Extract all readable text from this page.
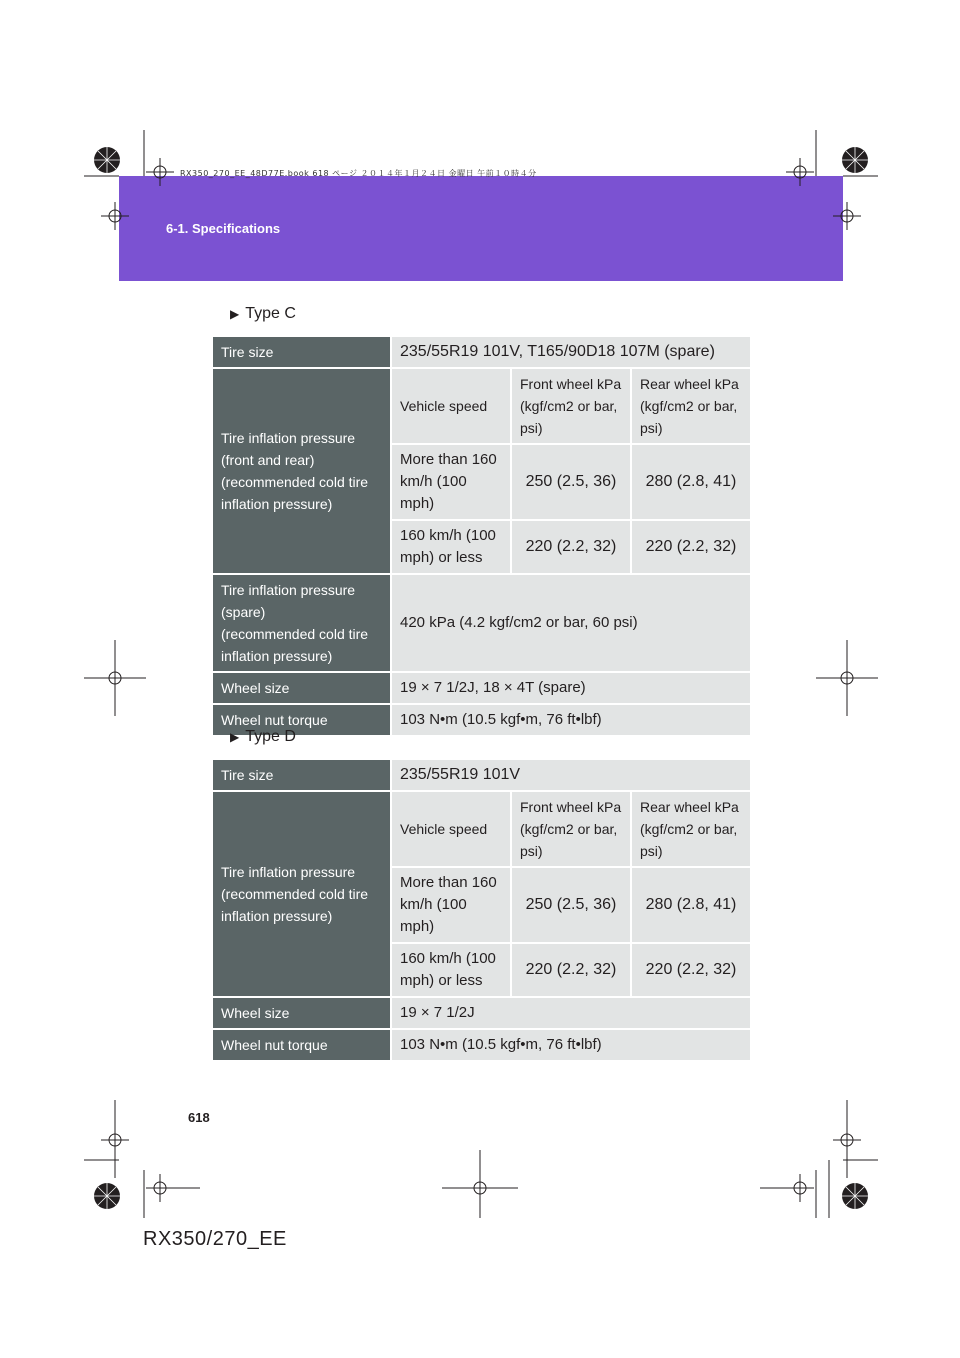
6-1. Specifications
RX350_270_EE_48D77E.book 618 ページ ２０１４年１月２４日 金曜日 午前１０時４分
▶ Type C
Tire size	235/55R19 101V, T165/90D18 107M (spare)		
Tire inflation pressure
(front and rear)
(recommended cold tire inflation pressure)	Vehicle speed	Front wheel kPa (kgf/cm2 or bar, psi)	Rear wheel kPa (kgf/cm2 or bar, psi)
	More than 160 km/h (100 mph)	250 (2.5, 36)	280 (2.8, 41)
	160 km/h (100 mph) or less	220 (2.2, 32)	220 (2.2, 32)
Tire inflation pressure
(spare)
(recommended cold tire inflation pressure)	420 kPa (4.2 kgf/cm2 or bar, 60 psi)		
Wheel size	19 × 7 1/2J, 18 × 4T (spare)		
Wheel nut torque	103 N•m (10.5 kgf•m, 76 ft•lbf)		
▶ Type D
Tire size	235/55R19 101V		
Tire inflation pressure
(recommended cold tire inflation pressure)	Vehicle speed	Front wheel kPa (kgf/cm2 or bar, psi)	Rear wheel kPa (kgf/cm2 or bar, psi)
	More than 160 km/h (100 mph)	250 (2.5, 36)	280 (2.8, 41)
	160 km/h (100 mph) or less	220 (2.2, 32)	220 (2.2, 32)
Wheel size	19 × 7 1/2J		
Wheel nut torque	103 N•m (10.5 kgf•m, 76 ft•lbf)		
618
RX350/270_EE
